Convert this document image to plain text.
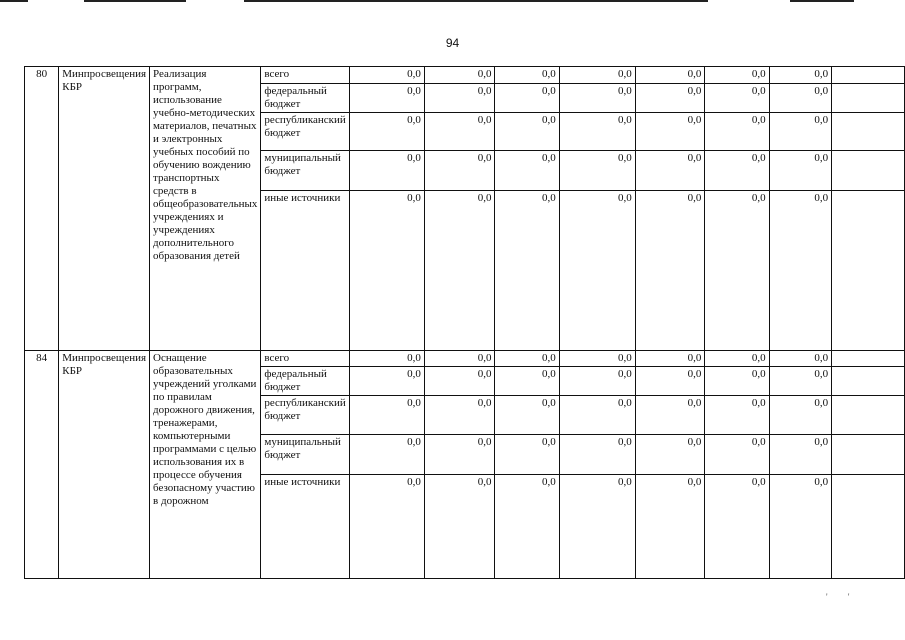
94
80	Минпросвещения КБР	Реализация программ, использование учебно-методических материалов, печатных и электронных учебных пособий по обучению вождению транспортных средств в общеобразовательных учреждениях и учреждениях дополнительного образования детей	всего	0,0	0,0	0,0	0,0	0,0	0,0	0,0	
			федеральный бюджет	0,0	0,0	0,0	0,0	0,0	0,0	0,0	
			республиканский бюджет	0,0	0,0	0,0	0,0	0,0	0,0	0,0	
			муниципальный бюджет	0,0	0,0	0,0	0,0	0,0	0,0	0,0	
			иные источники	0,0	0,0	0,0	0,0	0,0	0,0	0,0	
84	Минпросвещения КБР	Оснащение образовательных учреждений уголками по правилам дорожного движения, тренажерами, компьютерными программами с целью использования их в процессе обучения безопасному участию в дорожном	всего	0,0	0,0	0,0	0,0	0,0	0,0	0,0	
			федеральный бюджет	0,0	0,0	0,0	0,0	0,0	0,0	0,0	
			республиканский бюджет	0,0	0,0	0,0	0,0	0,0	0,0	0,0	
			муниципальный бюджет	0,0	0,0	0,0	0,0	0,0	0,0	0,0	
			иные источники	0,0	0,0	0,0	0,0	0,0	0,0	0,0	
'         '
